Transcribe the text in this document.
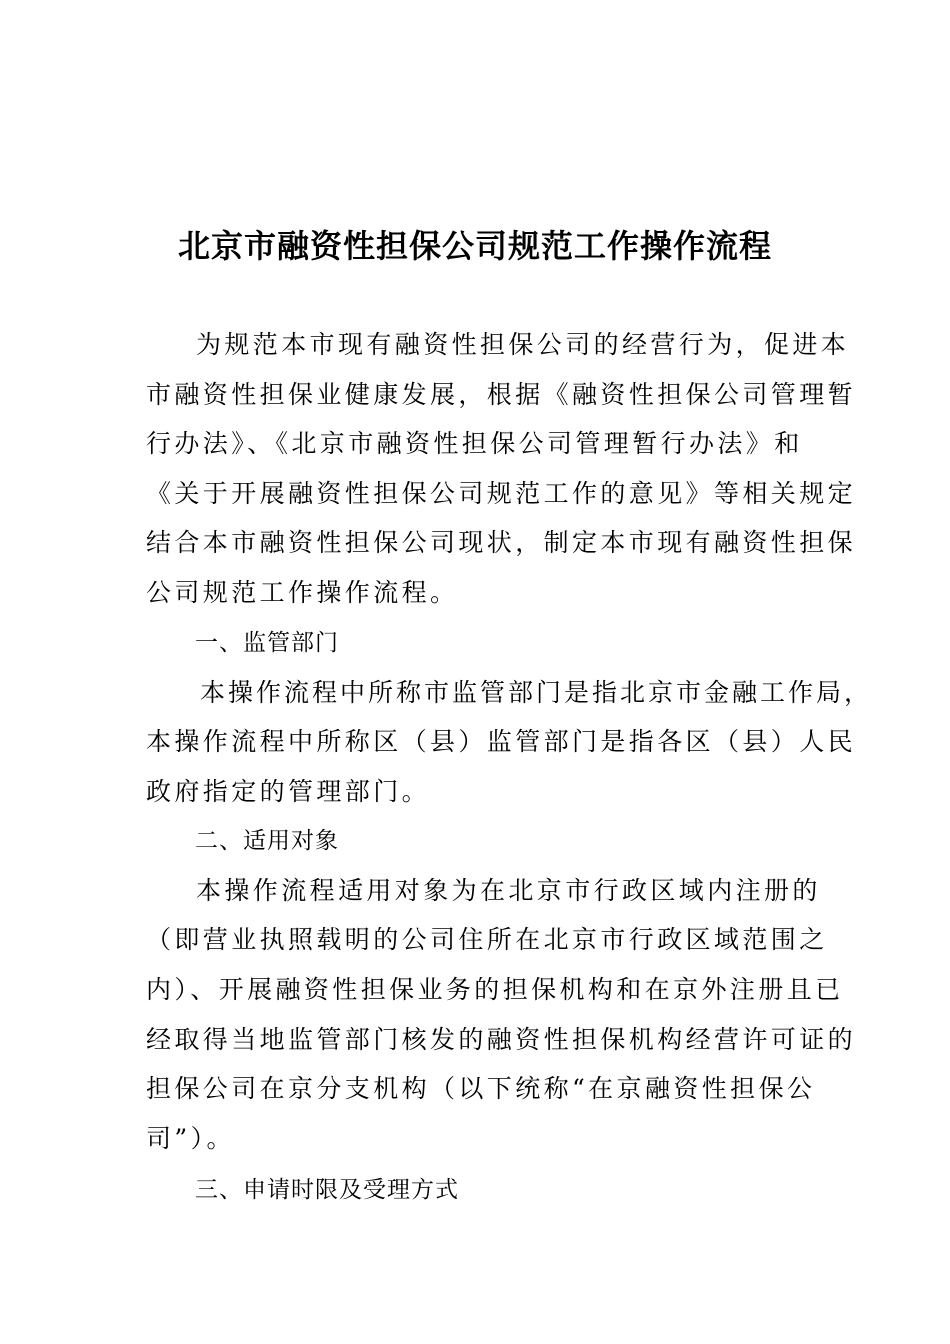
北京市融资性担保公司规范工作操作流程
为规范本市现有融资性担保公司的经营行为，促进本
市融资性担保业健康发展，根据《融资性担保公司管理暂
行办法》、《北京市融资性担保公司管理暂行办法》和
《关于开展融资性担保公司规范工作的意见》等相关规定
结合本市融资性担保公司现状，制定本市现有融资性担保
公司规范工作操作流程。
一、监管部门
本操作流程中所称市监管部门是指北京市金融工作局，
本操作流程中所称区（县）监管部门是指各区（县）人民
政府指定的管理部门。
二、适用对象
本操作流程适用对象为在北京市行政区域内注册的
（即营业执照载明的公司住所在北京市行政区域范围之
内）、开展融资性担保业务的担保机构和在京外注册且已
经取得当地监管部门核发的融资性担保机构经营许可证的
担保公司在京分支机构（以下统称“在京融资性担保公
司”）。
三、申请时限及受理方式
